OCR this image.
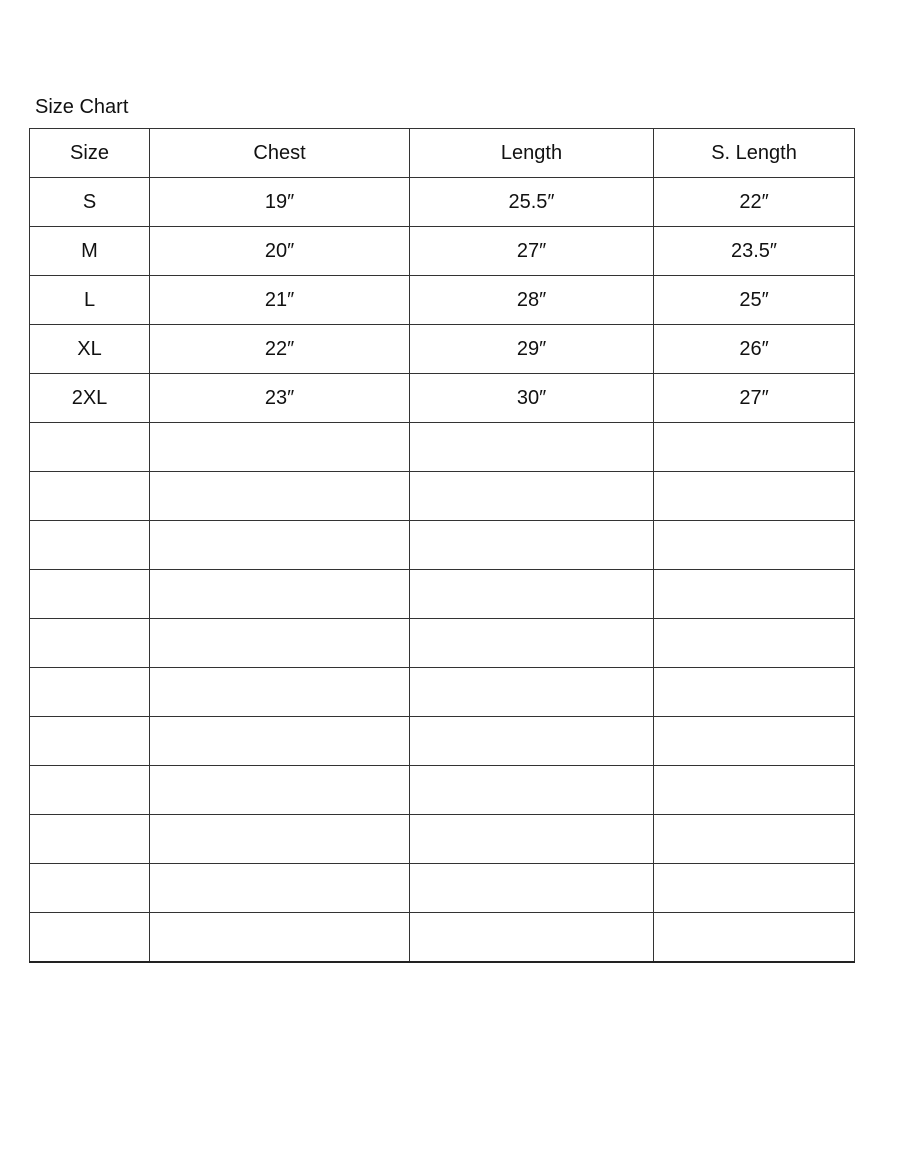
Size Chart
Size	Chest	Length	S. Length
S	19″	25.5″	22″
M	20″	27″	23.5″
L	21″	28″	25″
XL	22″	29″	26″
2XL	23″	30″	27″
